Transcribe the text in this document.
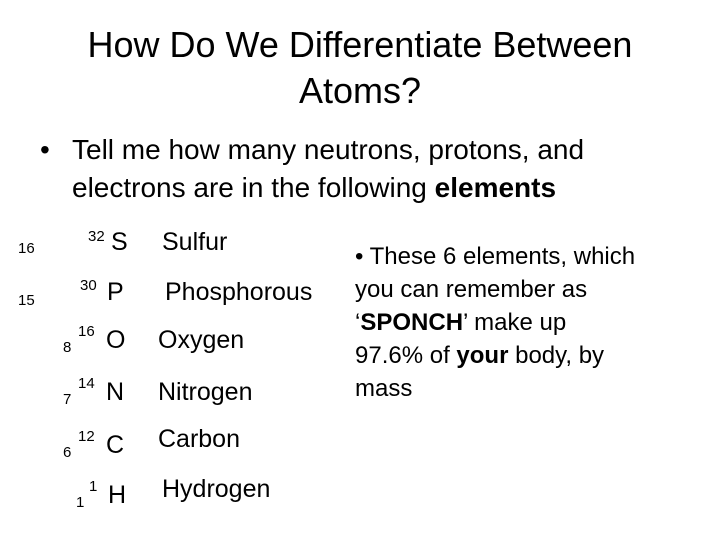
How Do We Differentiate Between
Atoms?
• Tell me how many neutrons, protons, and
electrons are in the following elements
32
16	S Sulfur
30
15	P Phosphorous
16
8 O Oxygen
14
7 N Nitrogen
12
6 C Carbon
1
1 H Hydrogen
• These 6 elements, which
you can remember as
‘SPONCH’ make up
97.6% of your body, by
mass
